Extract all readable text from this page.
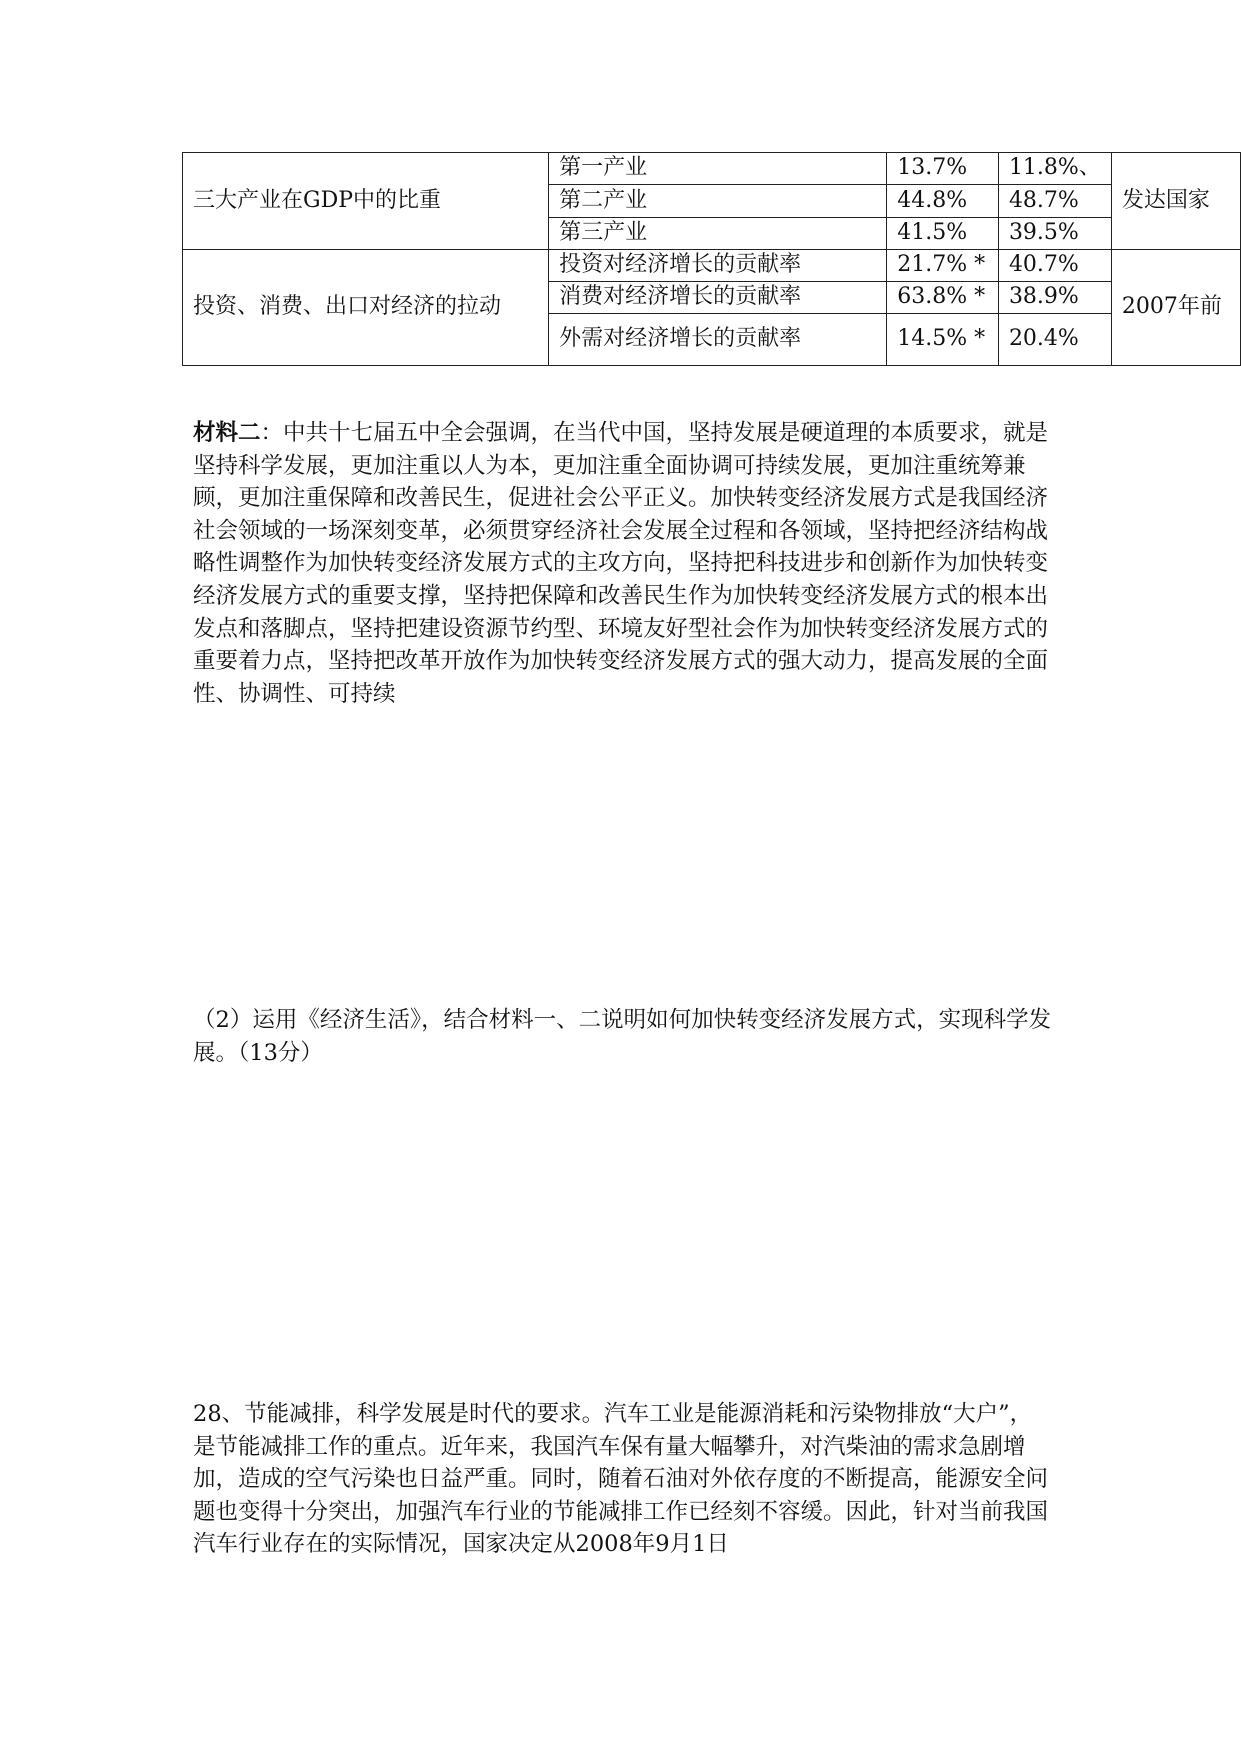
三大产业在GDP中的比重	第一产业	13.7%	11.8%、	发达国家
	第二产业	44.8%	48.7%	
	第三产业	41.5%	39.5%	
投资、消费、出口对经济的拉动	投资对经济增长的贡献率	21.7% *	40.7%	2007年前
	消费对经济增长的贡献率	63.8% *	38.9%	
	外需对经济增长的贡献率	14.5% *	20.4%	

材料二：中共十七届五中全会强调，在当代中国，坚持发展是硬道理的本质要求，就是坚持科学发展，更加注重以人为本，更加注重全面协调可持续发展，更加注重统筹兼顾，更加注重保障和改善民生，促进社会公平正义。加快转变经济发展方式是我国经济社会领域的一场深刻变革，必须贯穿经济社会发展全过程和各领域，坚持把经济结构战略性调整作为加快转变经济发展方式的主攻方向，坚持把科技进步和创新作为加快转变经济发展方式的重要支撑，坚持把保障和改善民生作为加快转变经济发展方式的根本出发点和落脚点，坚持把建设资源节约型、环境友好型社会作为加快转变经济发展方式的重要着力点，坚持把改革开放作为加快转变经济发展方式的强大动力，提高发展的全面性、协调性、可持续

（2）运用《经济生活》，结合材料一、二说明如何加快转变经济发展方式，实现科学发展。（13分）

28、节能减排，科学发展是时代的要求。汽车工业是能源消耗和污染物排放“大户”，是节能减排工作的重点。近年来，我国汽车保有量大幅攀升，对汽柴油的需求急剧增加，造成的空气污染也日益严重。同时，随着石油对外依存度的不断提高，能源安全问题也变得十分突出，加强汽车行业的节能减排工作已经刻不容缓。因此，针对当前我国汽车行业存在的实际情况，国家决定从2008年9月1日
